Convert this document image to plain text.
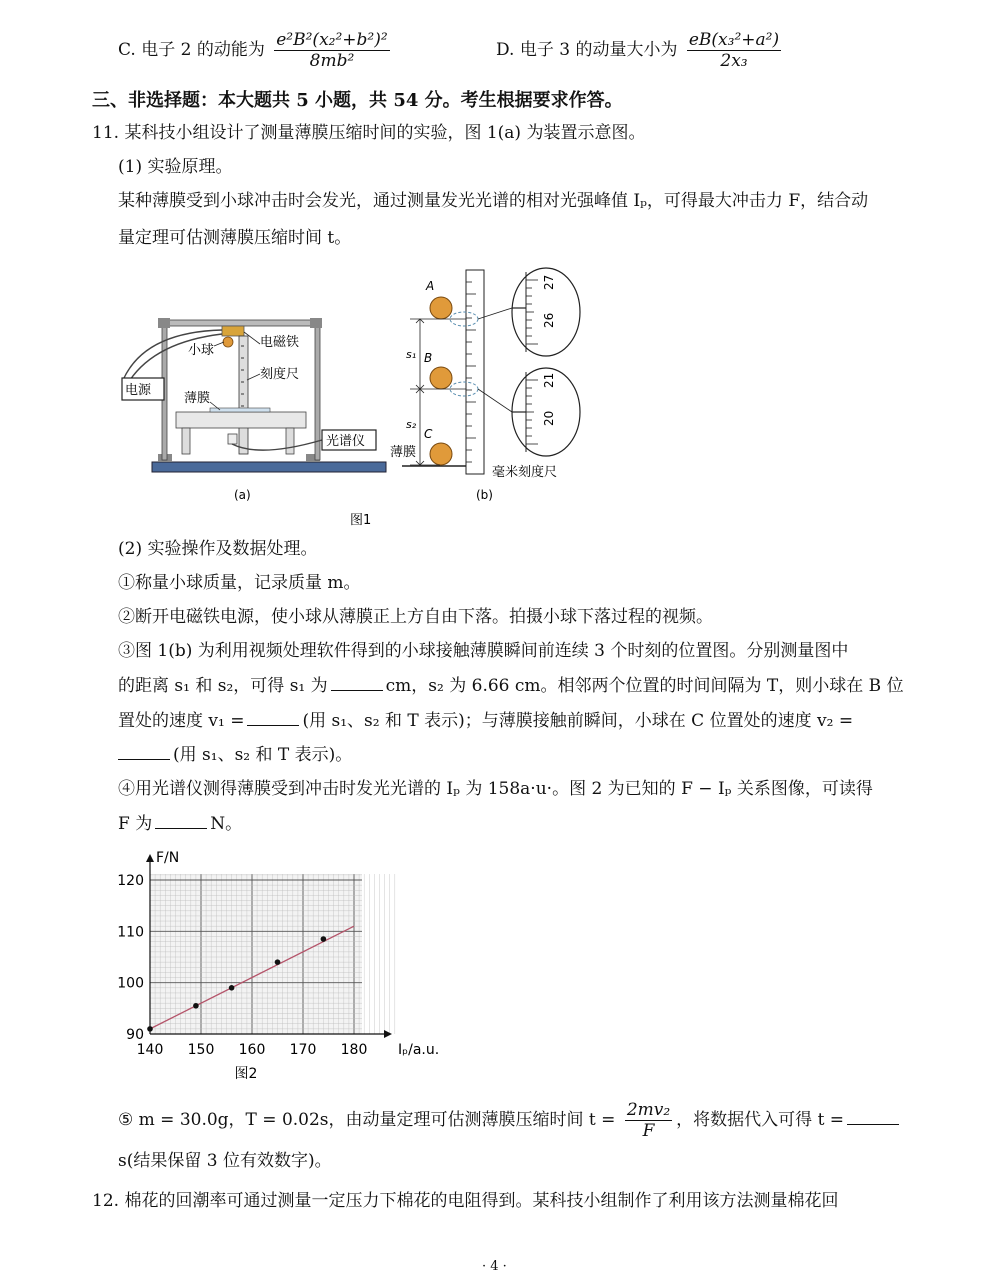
C. 电子 2 的动能为 $\frac{\text{e²B²(x₂²+b²)²}}{\text{8mb²}}$	D. 电子 3 的动量大小为 $\frac{\text{eB(x₃²+a²)}}{\text{2x₃}}$
三、非选择题：本大题共 5 小题，共 54 分。考生根据要求作答。
11. 某科技小组设计了测量薄膜压缩时间的实验，图 1(a) 为装置示意图。
(1) 实验原理。
某种薄膜受到小球冲击时会发光，通过测量发光光谱的相对光强峰值 Iₚ，可得最大冲击力 F，结合动
量定理可估测薄膜压缩时间 t。
小球
电磁铁
刻度尺
电源
薄膜
光谱仪
(a)
27
26
21
20
A
B
C
s₁
s₂
薄膜
毫米刻度尺
(b)
图1
(2) 实验操作及数据处理。
①称量小球质量，记录质量 m。
②断开电磁铁电源，使小球从薄膜正上方自由下落。拍摄小球下落过程的视频。
③图 1(b) 为利用视频处理软件得到的小球接触薄膜瞬间前连续 3 个时刻的位置图。分别测量图中
的距离 s₁ 和 s₂，可得 s₁ 为	cm，s₂ 为 6.66 cm。相邻两个位置的时间间隔为 T，则小球在 B 位
置处的速度 v₁ =	(用 s₁、s₂ 和 T 表示)；与薄膜接触前瞬间，小球在 C 位置处的速度 v₂ =
(用 s₁、s₂ 和 T 表示)。
④用光谱仪测得薄膜受到冲击时发光光谱的 Iₚ 为 158a·u·。图 2 为已知的 F − Iₚ 关系图像，可读得
F 为	N。
140 150 160 170 180
90
100
110
120
F/N
Iₚ/a.u.
图2
⑤ m = 30.0g，T = 0.02s，由动量定理可估测薄膜压缩时间 $t = \frac{\text{2mv₂}}{F}$ ，将数据代入可得 t =
s(结果保留 3 位有效数字)。
12. 棉花的回潮率可通过测量一定压力下棉花的电阻得到。某科技小组制作了利用该方法测量棉花回
· 4 ·
